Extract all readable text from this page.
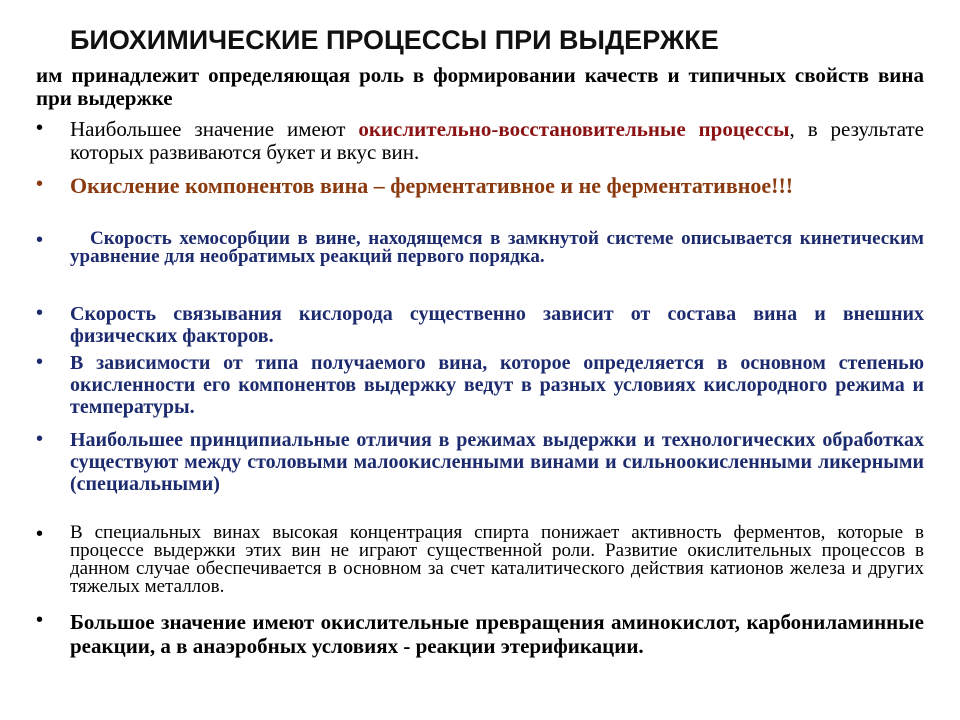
БИОХИМИЧЕСКИЕ ПРОЦЕССЫ ПРИ ВЫДЕРЖКЕ
им принадлежит определяющая роль в формировании качеств и типичных свойств вина при выдержке
• Наибольшее значение имеют окислительно-восстановительные процессы, в результате которых развиваются букет и вкус вин.
• Окисление компонентов вина – ферментативное и не ферментативное!!!
•	Скорость хемосорбции в вине, находящемся в замкнутой системе описывается кинетическим уравнение для необратимых реакций первого порядка.
• Скорость связывания кислорода существенно зависит от состава вина и внешних физических факторов.
• В зависимости от типа получаемого вина, которое определяется в основном степенью окисленности его компонентов выдержку ведут в разных условиях кислородного режима и температуры.
• Наибольшее принципиальные отличия в режимах выдержки и технологических обработках существуют между столовыми малоокисленными винами и сильноокисленными ликерными (специальными)
• В специальных винах высокая концентрация спирта понижает активность ферментов, которые в процессе выдержки этих вин не играют существенной роли. Развитие окислительных процессов в данном случае обеспечивается в основном за счет каталитического действия катионов железа и других тяжелых металлов.
• Большое значение имеют окислительные превращения аминокислот, карбониламинные реакции, а в анаэробных условиях - реакции этерификации.
